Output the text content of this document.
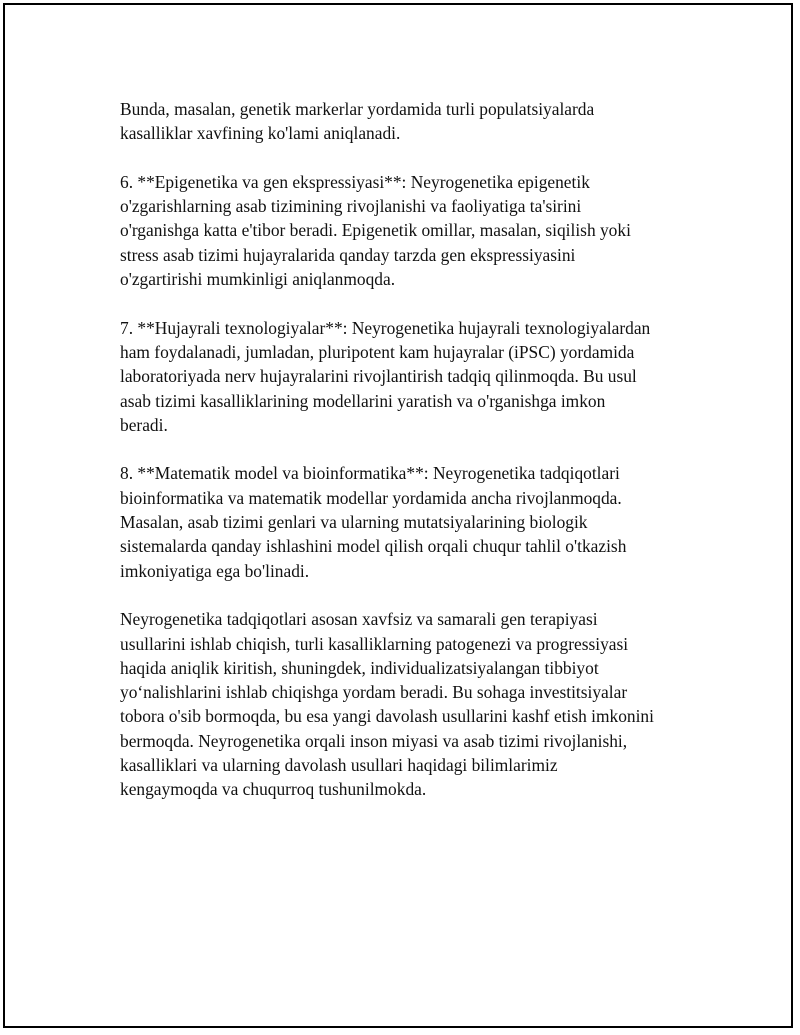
Bunda, masalan, genetik markerlar yordamida turli populatsiyalarda
kasalliklar xavfining ko'lami aniqlanadi.

6. **Epigenetika va gen ekspressiyasi**: Neyrogenetika epigenetik
o'zgarishlarning asab tizimining rivojlanishi va faoliyatiga ta'sirini
o'rganishga katta e'tibor beradi. Epigenetik omillar, masalan, siqilish yoki
stress asab tizimi hujayralarida qanday tarzda gen ekspressiyasini
o'zgartirishi mumkinligi aniqlanmoqda.

7. **Hujayrali texnologiyalar**: Neyrogenetika hujayrali texnologiyalardan
ham foydalanadi, jumladan, pluripotent kam hujayralar (iPSC) yordamida
laboratoriyada nerv hujayralarini rivojlantirish tadqiq qilinmoqda. Bu usul
asab tizimi kasalliklarining modellarini yaratish va o'rganishga imkon
beradi.

8. **Matematik model va bioinformatika**: Neyrogenetika tadqiqotlari
bioinformatika va matematik modellar yordamida ancha rivojlanmoqda.
Masalan, asab tizimi genlari va ularning mutatsiyalarining biologik
sistemalarda qanday ishlashini model qilish orqali chuqur tahlil o'tkazish
imkoniyatiga ega bo'linadi.

Neyrogenetika tadqiqotlari asosan xavfsiz va samarali gen terapiyasi
usullarini ishlab chiqish, turli kasalliklarning patogenezi va progressiyasi
haqida aniqlik kiritish, shuningdek, individualizatsiyalangan tibbiyot
yo‘nalishlarini ishlab chiqishga yordam beradi. Bu sohaga investitsiyalar
tobora o'sib bormoqda, bu esa yangi davolash usullarini kashf etish imkonini
bermoqda. Neyrogenetika orqali inson miyasi va asab tizimi rivojlanishi,
kasalliklari va ularning davolash usullari haqidagi bilimlarimiz
kengaymoqda va chuqurroq tushunilmokda.
